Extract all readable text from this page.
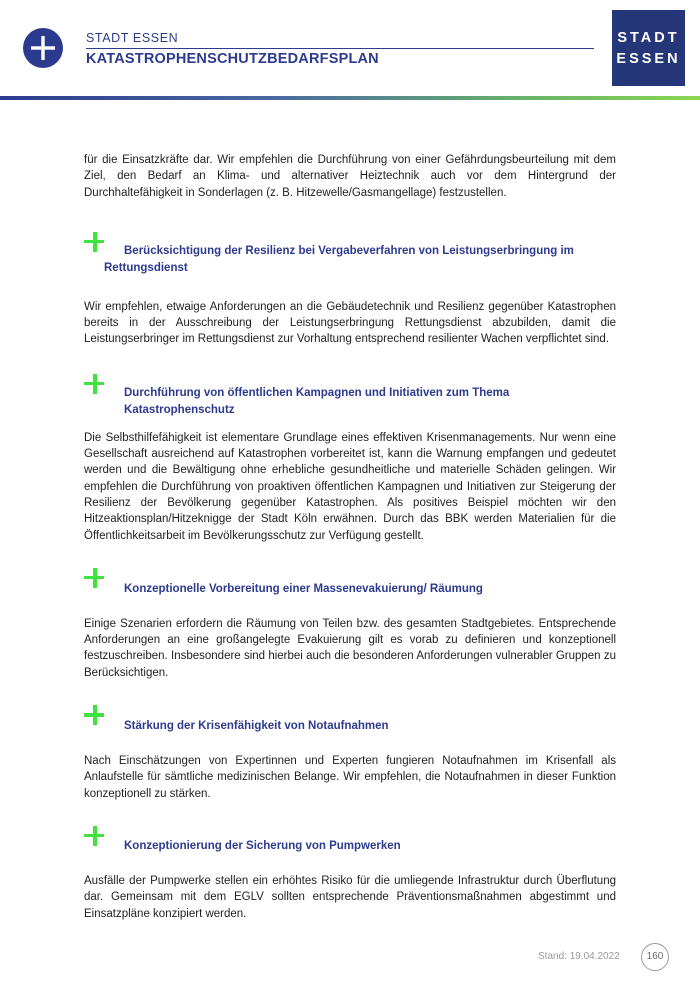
STADT ESSEN
KATASTROPHENSCHUTZBEDARFSPLAN
STADT
ESSEN

für die Einsatzkräfte dar. Wir empfehlen die Durchführung von einer Gefährdungsbeurteilung mit dem Ziel, den Bedarf an Klima- und alternativer Heiztechnik auch vor dem Hintergrund der Durchhaltefähigkeit in Sonderlagen (z. B. Hitzewelle/Gasmangellage) festzustellen.

Berücksichtigung der Resilienz bei Vergabeverfahren von Leistungserbringung im Rettungsdienst

Wir empfehlen, etwaige Anforderungen an die Gebäudetechnik und Resilienz gegenüber Katastrophen bereits in der Ausschreibung der Leistungserbringung Rettungsdienst abzubilden, damit die Leistungserbringer im Rettungsdienst zur Vorhaltung entsprechend resilienter Wachen verpflichtet sind.

Durchführung von öffentlichen Kampagnen und Initiativen zum Thema Katastrophenschutz

Die Selbsthilfefähigkeit ist elementare Grundlage eines effektiven Krisenmanagements. Nur wenn eine Gesellschaft ausreichend auf Katastrophen vorbereitet ist, kann die Warnung empfangen und gedeutet werden und die Bewältigung ohne erhebliche gesundheitliche und materielle Schäden gelingen. Wir empfehlen die Durchführung von proaktiven öffentlichen Kampagnen und Initiativen zur Steigerung der Resilienz der Bevölkerung gegenüber Katastrophen. Als positives Beispiel möchten wir den Hitzeaktionsplan/Hitzeknigge der Stadt Köln erwähnen. Durch das BBK werden Materialien für die Öffentlichkeitsarbeit im Bevölkerungsschutz zur Verfügung gestellt.

Konzeptionelle Vorbereitung einer Massenevakuierung/ Räumung

Einige Szenarien erfordern die Räumung von Teilen bzw. des gesamten Stadtgebietes. Entsprechende Anforderungen an eine großangelegte Evakuierung gilt es vorab zu definieren und konzeptionell festzuschreiben. Insbesondere sind hierbei auch die besonderen Anforderungen vulnerabler Gruppen zu Berücksichtigen.

Stärkung der Krisenfähigkeit von Notaufnahmen

Nach Einschätzungen von Expertinnen und Experten fungieren Notaufnahmen im Krisenfall als Anlaufstelle für sämtliche medizinischen Belange. Wir empfehlen, die Notaufnahmen in dieser Funktion konzeptionell zu stärken.

Konzeptionierung der Sicherung von Pumpwerken

Ausfälle der Pumpwerke stellen ein erhöhtes Risiko für die umliegende Infrastruktur durch Überflutung dar. Gemeinsam mit dem EGLV sollten entsprechende Präventionsmaßnahmen abgestimmt und Einsatzpläne konzipiert werden.

Stand: 19.04.2022	160
